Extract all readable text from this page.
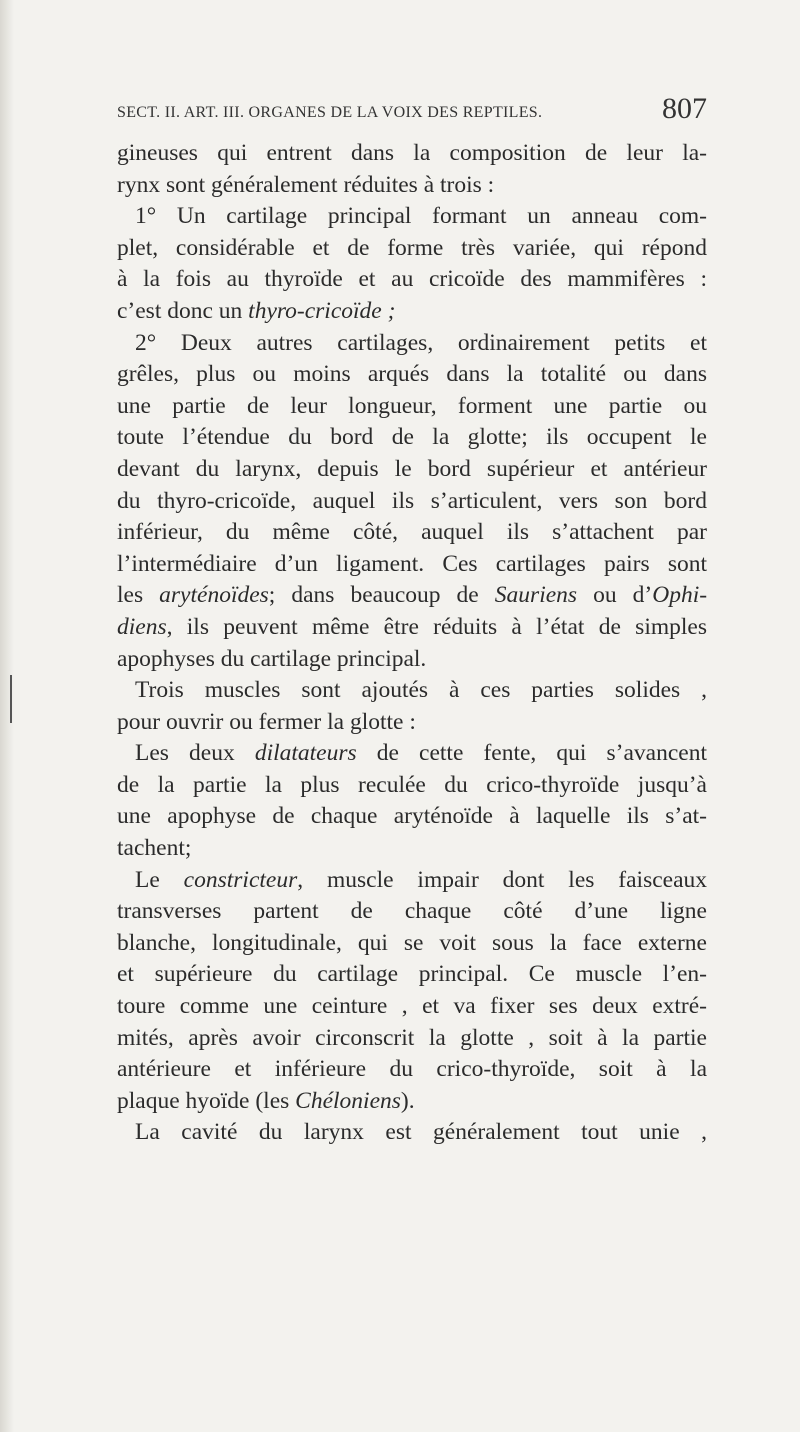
SECT. II. ART. III. ORGANES DE LA VOIX DES REPTILES.	807
gineuses qui entrent dans la composition de leur la-
rynx sont généralement réduites à trois :
1° Un cartilage principal formant un anneau com-
plet, considérable et de forme très variée, qui répond
à la fois au thyroïde et au cricoïde des mammifères :
c’est donc un thyro-cricoïde ;
2° Deux autres cartilages, ordinairement petits et
grêles, plus ou moins arqués dans la totalité ou dans
une partie de leur longueur, forment une partie ou
toute l’étendue du bord de la glotte; ils occupent le
devant du larynx, depuis le bord supérieur et antérieur
du thyro-cricoïde, auquel ils s’articulent, vers son bord
inférieur, du même côté, auquel ils s’attachent par
l’intermédiaire d’un ligament. Ces cartilages pairs sont
les aryténoïdes; dans beaucoup de Sauriens ou d’Ophi-
diens, ils peuvent même être réduits à l’état de simples
apophyses du cartilage principal.
Trois muscles sont ajoutés à ces parties solides ,
pour ouvrir ou fermer la glotte :
Les deux dilatateurs de cette fente, qui s’avancent
de la partie la plus reculée du crico-thyroïde jusqu’à
une apophyse de chaque aryténoïde à laquelle ils s’at-
tachent;
Le constricteur, muscle impair dont les faisceaux
transverses partent de chaque côté d’une ligne
blanche, longitudinale, qui se voit sous la face externe
et supérieure du cartilage principal. Ce muscle l’en-
toure comme une ceinture , et va fixer ses deux extré-
mités, après avoir circonscrit la glotte , soit à la partie
antérieure et inférieure du crico-thyroïde, soit à la
plaque hyoïde (les Chéloniens).
La cavité du larynx est généralement tout unie ,
